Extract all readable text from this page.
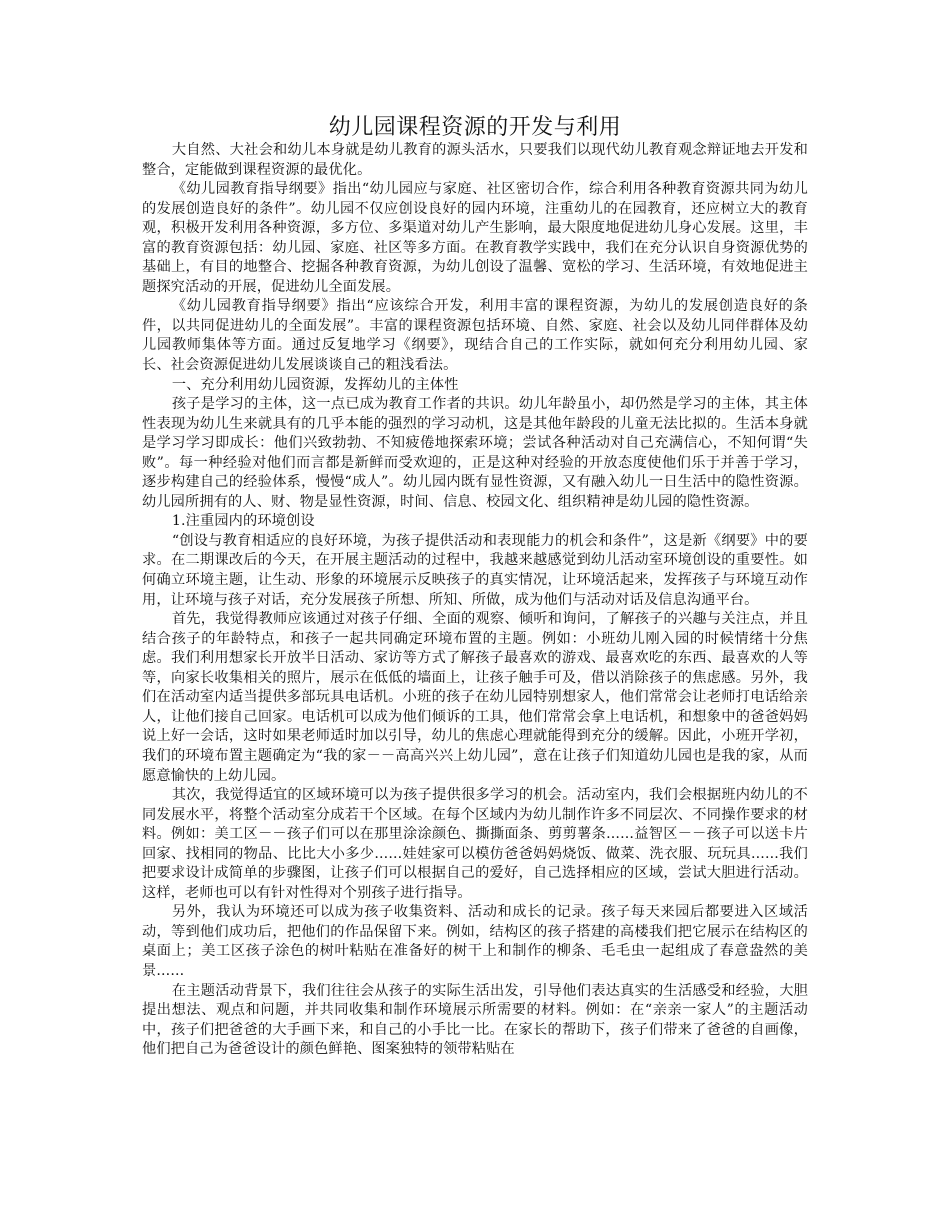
幼儿园课程资源的开发与利用

大自然、大社会和幼儿本身就是幼儿教育的源头活水，只要我们以现代幼儿教育观念辩证地去开发和整合，定能做到课程资源的最优化。

《幼儿园教育指导纲要》指出“幼儿园应与家庭、社区密切合作，综合利用各种教育资源共同为幼儿的发展创造良好的条件”。幼儿园不仅应创设良好的园内环境，注重幼儿的在园教育，还应树立大的教育观，积极开发利用各种资源，多方位、多渠道对幼儿产生影响，最大限度地促进幼儿身心发展。这里，丰富的教育资源包括：幼儿园、家庭、社区等多方面。在教育教学实践中，我们在充分认识自身资源优势的基础上，有目的地整合、挖掘各种教育资源，为幼儿创设了温馨、宽松的学习、生活环境，有效地促进主题探究活动的开展，促进幼儿全面发展。

《幼儿园教育指导纲要》指出“应该综合开发，利用丰富的课程资源，为幼儿的发展创造良好的条件，以共同促进幼儿的全面发展”。丰富的课程资源包括环境、自然、家庭、社会以及幼儿同伴群体及幼儿园教师集体等方面。通过反复地学习《纲要》，现结合自己的工作实际，就如何充分利用幼儿园、家长、社会资源促进幼儿发展谈谈自己的粗浅看法。

一、充分利用幼儿园资源，发挥幼儿的主体性

孩子是学习的主体，这一点已成为教育工作者的共识。幼儿年龄虽小，却仍然是学习的主体，其主体性表现为幼儿生来就具有的几乎本能的强烈的学习动机，这是其他年龄段的儿童无法比拟的。生活本身就是学习学习即成长：他们兴致勃勃、不知疲倦地探索环境；尝试各种活动对自己充满信心，不知何谓“失败”。每一种经验对他们而言都是新鲜而受欢迎的，正是这种对经验的开放态度使他们乐于并善于学习，逐步构建自己的经验体系，慢慢“成人”。幼儿园内既有显性资源，又有融入幼儿一日生活中的隐性资源。幼儿园所拥有的人、财、物是显性资源，时间、信息、校园文化、组织精神是幼儿园的隐性资源。

1.注重园内的环境创设

“创设与教育相适应的良好环境，为孩子提供活动和表现能力的机会和条件”，这是新《纲要》中的要求。在二期课改后的今天，在开展主题活动的过程中，我越来越感觉到幼儿活动室环境创设的重要性。如何确立环境主题，让生动、形象的环境展示反映孩子的真实情况，让环境活起来，发挥孩子与环境互动作用，让环境与孩子对话，充分发展孩子所想、所知、所做，成为他们与活动对话及信息沟通平台。

首先，我觉得教师应该通过对孩子仔细、全面的观察、倾听和询问，了解孩子的兴趣与关注点，并且结合孩子的年龄特点，和孩子一起共同确定环境布置的主题。例如：小班幼儿刚入园的时候情绪十分焦虑。我们利用想家长开放半日活动、家访等方式了解孩子最喜欢的游戏、最喜欢吃的东西、最喜欢的人等等，向家长收集相关的照片，展示在低低的墙面上，让孩子触手可及，借以消除孩子的焦虑感。另外，我们在活动室内适当提供多部玩具电话机。小班的孩子在幼儿园特别想家人，他们常常会让老师打电话给亲人，让他们接自己回家。电话机可以成为他们倾诉的工具，他们常常会拿上电话机，和想象中的爸爸妈妈说上好一会话，这时如果老师适时加以引导，幼儿的焦虑心理就能得到充分的缓解。因此，小班开学初，我们的环境布置主题确定为“我的家－－高高兴兴上幼儿园”，意在让孩子们知道幼儿园也是我的家，从而愿意愉快的上幼儿园。

其次，我觉得适宜的区域环境可以为孩子提供很多学习的机会。活动室内，我们会根据班内幼儿的不同发展水平，将整个活动室分成若干个区域。在每个区域内为幼儿制作许多不同层次、不同操作要求的材料。例如：美工区－－孩子们可以在那里涂涂颜色、撕撕面条、剪剪薯条......益智区－－孩子可以送卡片回家、找相同的物品、比比大小多少......娃娃家可以模仿爸爸妈妈烧饭、做菜、洗衣服、玩玩具......我们把要求设计成简单的步骤图，让孩子们可以根据自己的爱好，自己选择相应的区域，尝试大胆进行活动。这样，老师也可以有针对性得对个别孩子进行指导。

另外，我认为环境还可以成为孩子收集资料、活动和成长的记录。孩子每天来园后都要进入区域活动，等到他们成功后，把他们的作品保留下来。例如，结构区的孩子搭建的高楼我们把它展示在结构区的桌面上；美工区孩子涂色的树叶粘贴在准备好的树干上和制作的柳条、毛毛虫一起组成了春意盎然的美景......

在主题活动背景下，我们往往会从孩子的实际生活出发，引导他们表达真实的生活感受和经验，大胆提出想法、观点和问题，并共同收集和制作环境展示所需要的材料。例如：在“亲亲一家人”的主题活动中，孩子们把爸爸的大手画下来，和自己的小手比一比。在家长的帮助下，孩子们带来了爸爸的自画像，他们把自己为爸爸设计的颜色鲜艳、图案独特的领带粘贴在
